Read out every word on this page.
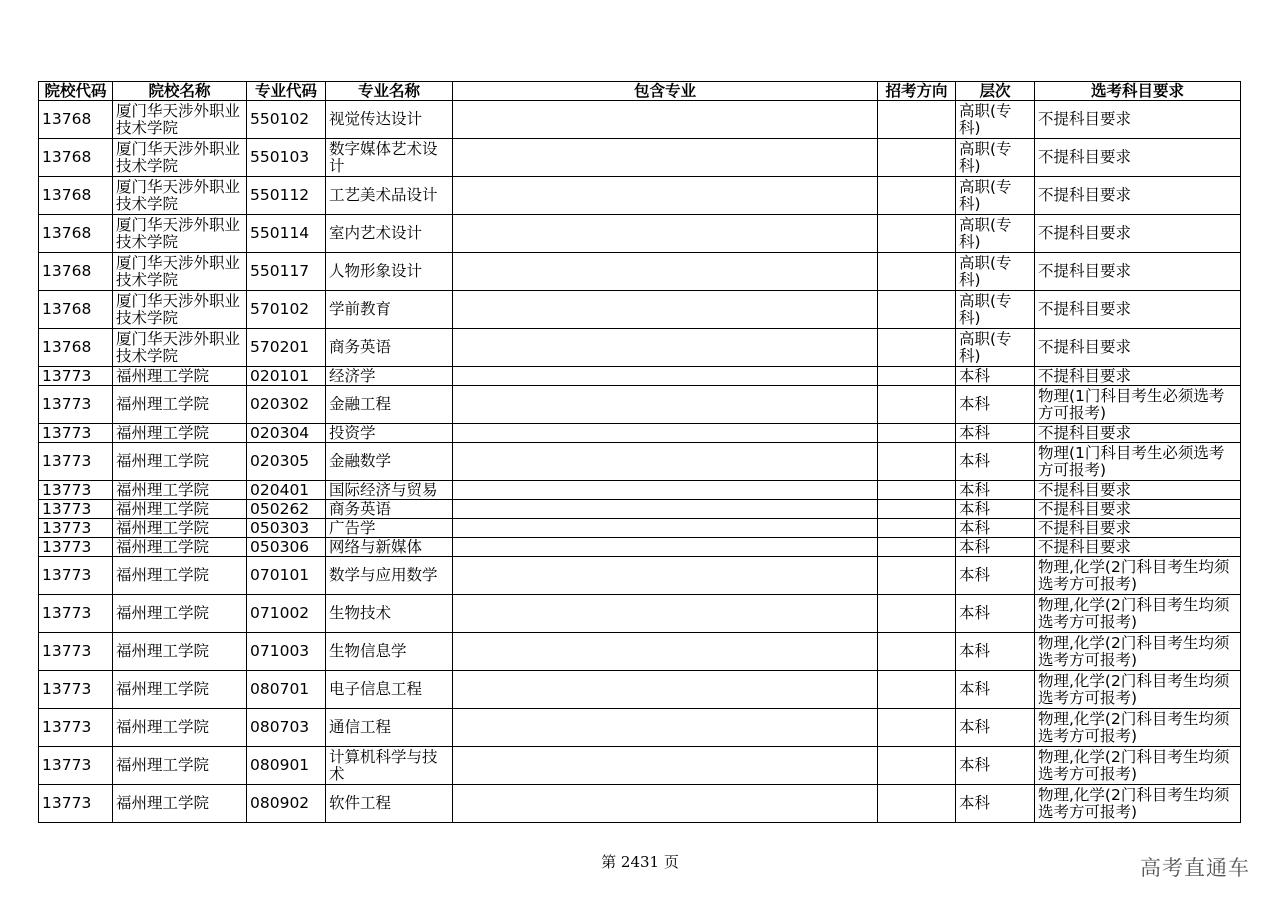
院校代码	院校名称	专业代码	专业名称	包含专业	招考方向	层次	选考科目要求
13768	厦门华天涉外职业技术学院	550102	视觉传达设计			高职(专科)	不提科目要求
13768	厦门华天涉外职业技术学院	550103	数字媒体艺术设计			高职(专科)	不提科目要求
13768	厦门华天涉外职业技术学院	550112	工艺美术品设计			高职(专科)	不提科目要求
13768	厦门华天涉外职业技术学院	550114	室内艺术设计			高职(专科)	不提科目要求
13768	厦门华天涉外职业技术学院	550117	人物形象设计			高职(专科)	不提科目要求
13768	厦门华天涉外职业技术学院	570102	学前教育			高职(专科)	不提科目要求
13768	厦门华天涉外职业技术学院	570201	商务英语			高职(专科)	不提科目要求
13773	福州理工学院	020101	经济学			本科	不提科目要求
13773	福州理工学院	020302	金融工程			本科	物理(1门科目考生必须选考方可报考)
13773	福州理工学院	020304	投资学			本科	不提科目要求
13773	福州理工学院	020305	金融数学			本科	物理(1门科目考生必须选考方可报考)
13773	福州理工学院	020401	国际经济与贸易			本科	不提科目要求
13773	福州理工学院	050262	商务英语			本科	不提科目要求
13773	福州理工学院	050303	广告学			本科	不提科目要求
13773	福州理工学院	050306	网络与新媒体			本科	不提科目要求
13773	福州理工学院	070101	数学与应用数学			本科	物理,化学(2门科目考生均须选考方可报考)
13773	福州理工学院	071002	生物技术			本科	物理,化学(2门科目考生均须选考方可报考)
13773	福州理工学院	071003	生物信息学			本科	物理,化学(2门科目考生均须选考方可报考)
13773	福州理工学院	080701	电子信息工程			本科	物理,化学(2门科目考生均须选考方可报考)
13773	福州理工学院	080703	通信工程			本科	物理,化学(2门科目考生均须选考方可报考)
13773	福州理工学院	080901	计算机科学与技术			本科	物理,化学(2门科目考生均须选考方可报考)
13773	福州理工学院	080902	软件工程			本科	物理,化学(2门科目考生均须选考方可报考)
第 2431 页	高考直通车
